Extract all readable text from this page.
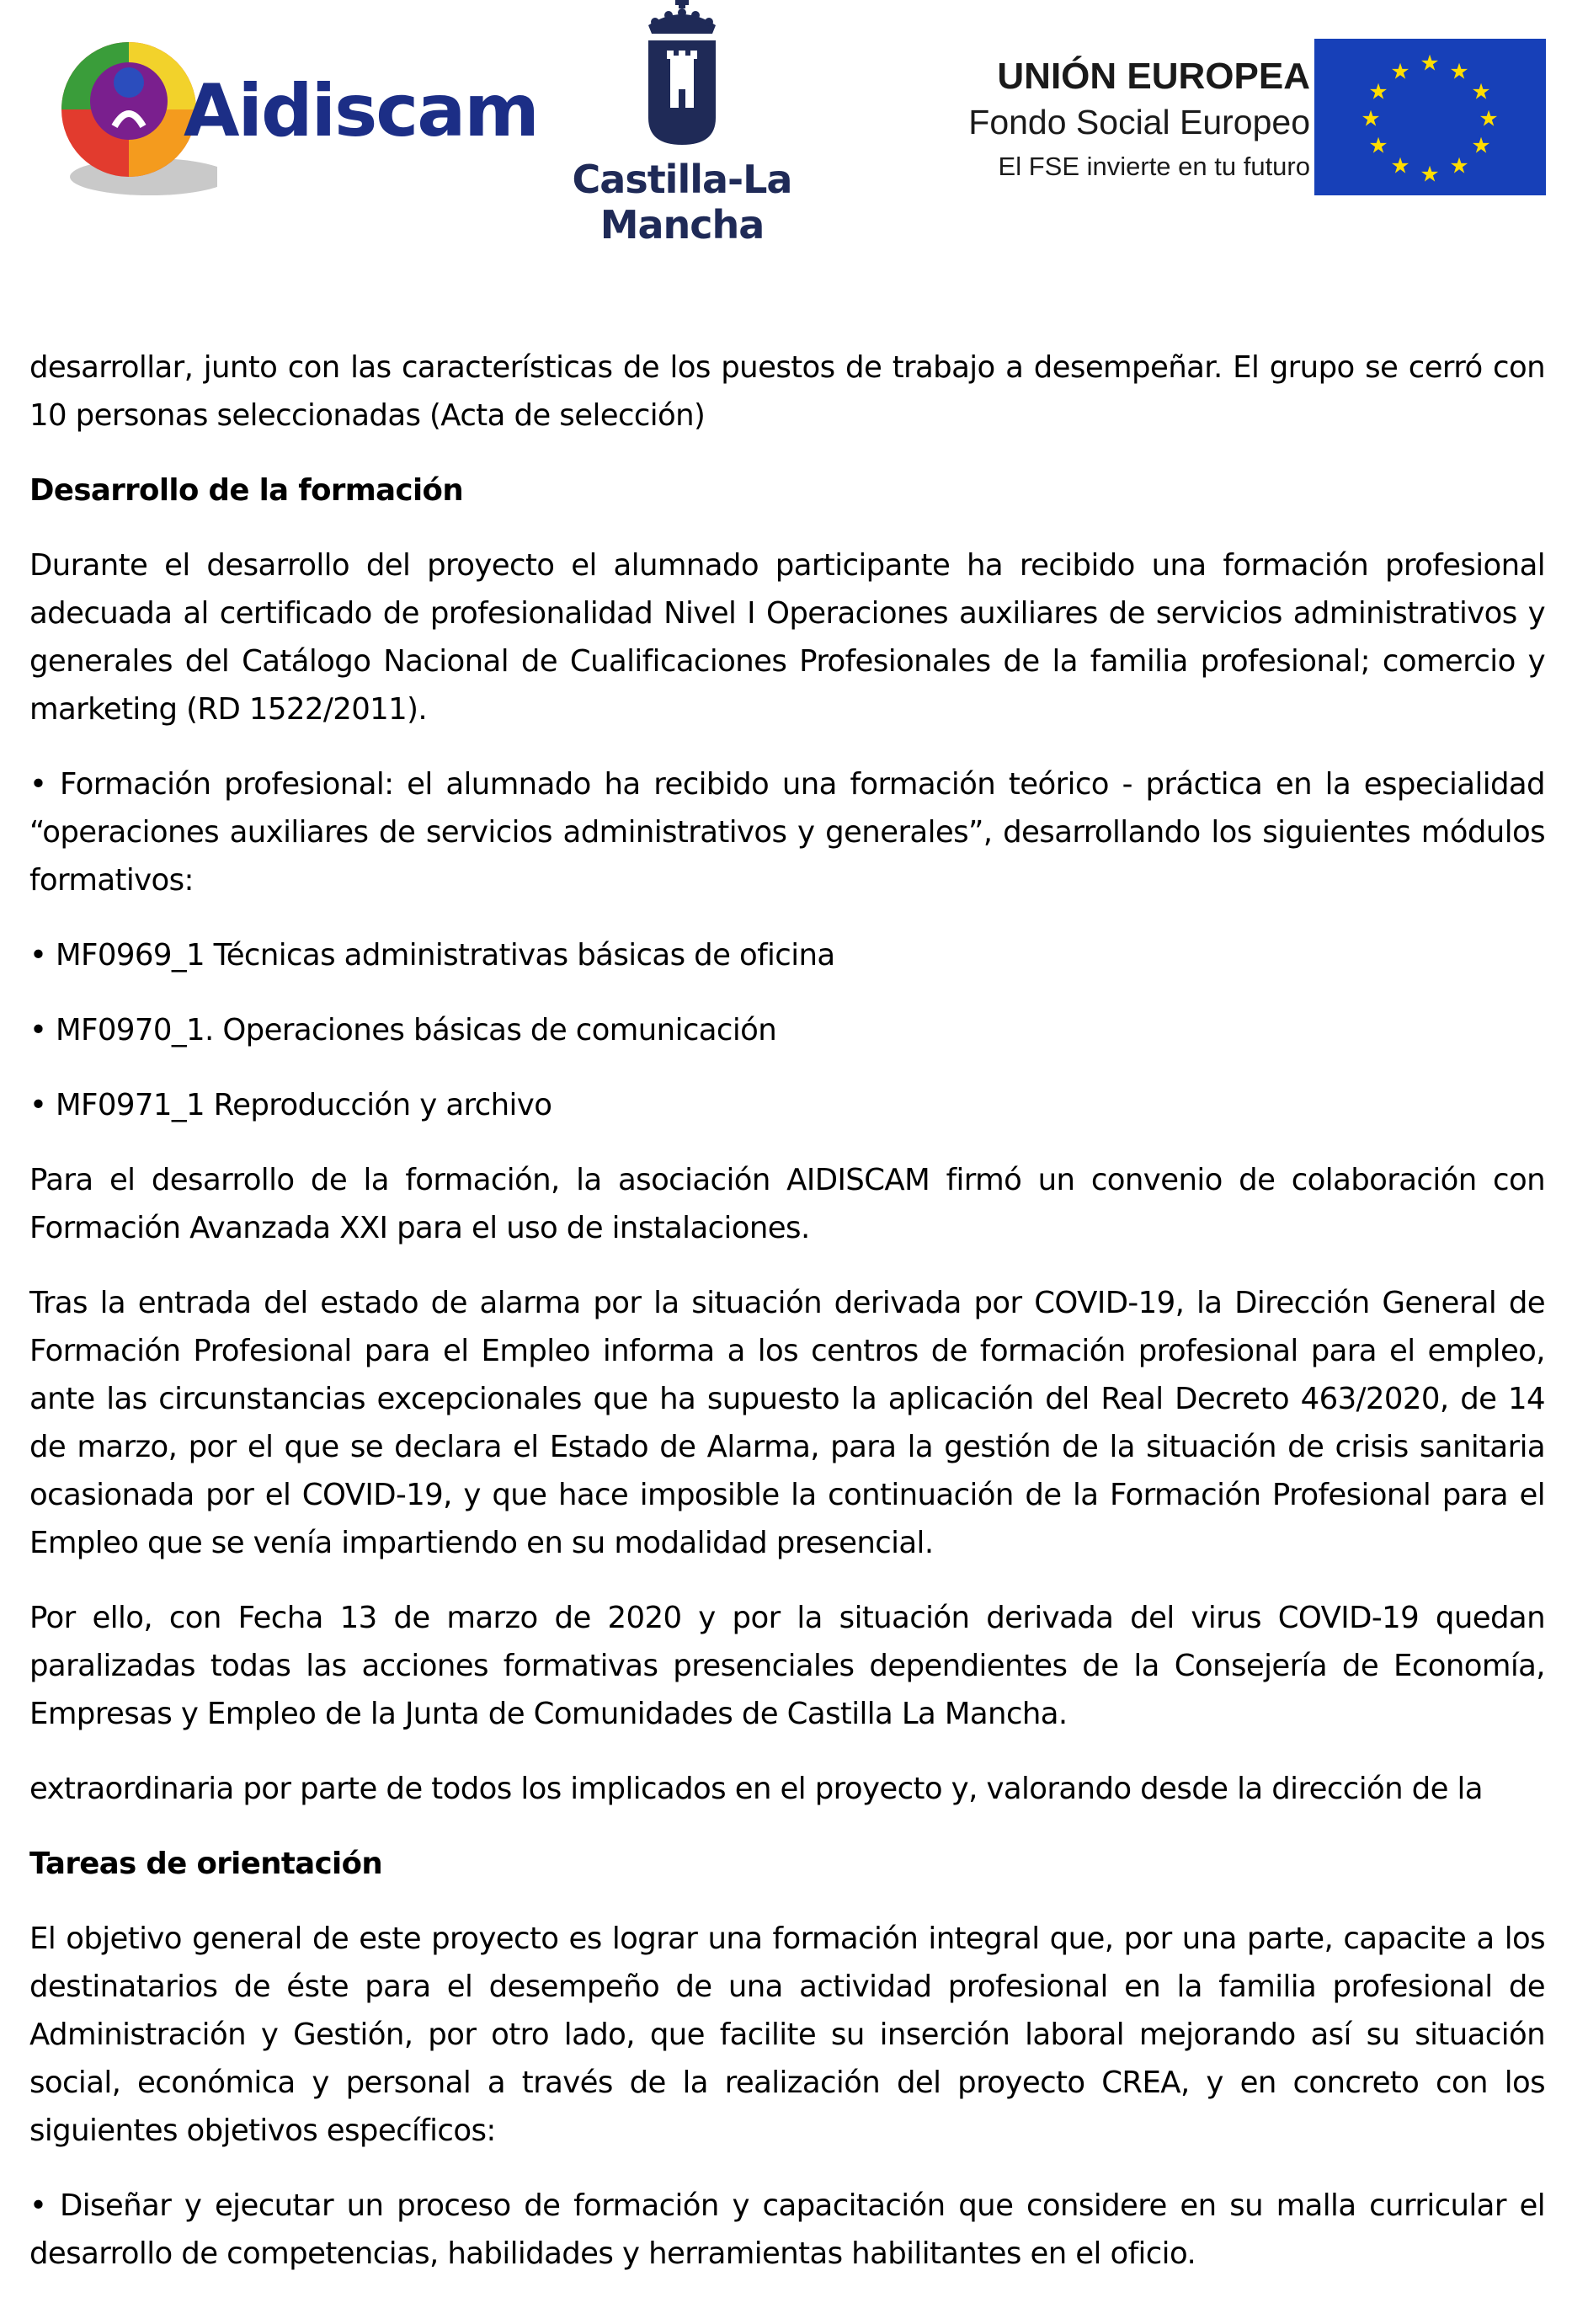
Aidiscam
Castilla-La Mancha
UNIÓN EUROPEA
Fondo Social Europeo
El FSE invierte en tu futuro
★ ★
★
★
★
★
★
★
★
★
★
★

desarrollar, junto con las características de los puestos de trabajo a desempeñar. El grupo se cerró con 10 personas seleccionadas (Acta de selección)

Desarrollo de la formación

Durante el desarrollo del proyecto el alumnado participante ha recibido una formación profesional adecuada al certificado de profesionalidad Nivel I Operaciones auxiliares de servicios administrativos y generales del Catálogo Nacional de Cualificaciones Profesionales de la familia profesional; comercio y marketing (RD 1522/2011).

• Formación profesional: el alumnado ha recibido una formación teórico - práctica en la especialidad “operaciones auxiliares de servicios administrativos y generales”, desarrollando los siguientes módulos formativos:

• MF0969_1 Técnicas administrativas básicas de oficina

• MF0970_1. Operaciones básicas de comunicación

• MF0971_1 Reproducción y archivo

Para el desarrollo de la formación, la asociación AIDISCAM firmó un convenio de colaboración con Formación Avanzada XXI para el uso de instalaciones.

Tras la entrada del estado de alarma por la situación derivada por COVID-19, la Dirección General de Formación Profesional para el Empleo informa a los centros de formación profesional para el empleo, ante las circunstancias excepcionales que ha supuesto la aplicación del Real Decreto 463/2020, de 14 de marzo, por el que se declara el Estado de Alarma, para la gestión de la situación de crisis sanitaria ocasionada por el COVID-19, y que hace imposible la continuación de la Formación Profesional para el Empleo que se venía impartiendo en su modalidad presencial.

Por ello, con Fecha 13 de marzo de 2020 y por la situación derivada del virus COVID-19 quedan paralizadas todas las acciones formativas presenciales dependientes de la Consejería de Economía, Empresas y Empleo de la Junta de Comunidades de Castilla La Mancha.

extraordinaria por parte de todos los implicados en el proyecto y, valorando desde la dirección de la

Tareas de orientación

El objetivo general de este proyecto es lograr una formación integral que, por una parte, capacite a los destinatarios de éste para el desempeño de una actividad profesional en la familia profesional de Administración y Gestión, por otro lado, que facilite su inserción laboral mejorando así su situación social, económica y personal a través de la realización del proyecto CREA, y en concreto con los siguientes objetivos específicos:

• Diseñar y ejecutar un proceso de formación y capacitación que considere en su malla curricular el desarrollo de competencias, habilidades y herramientas habilitantes en el oficio.
